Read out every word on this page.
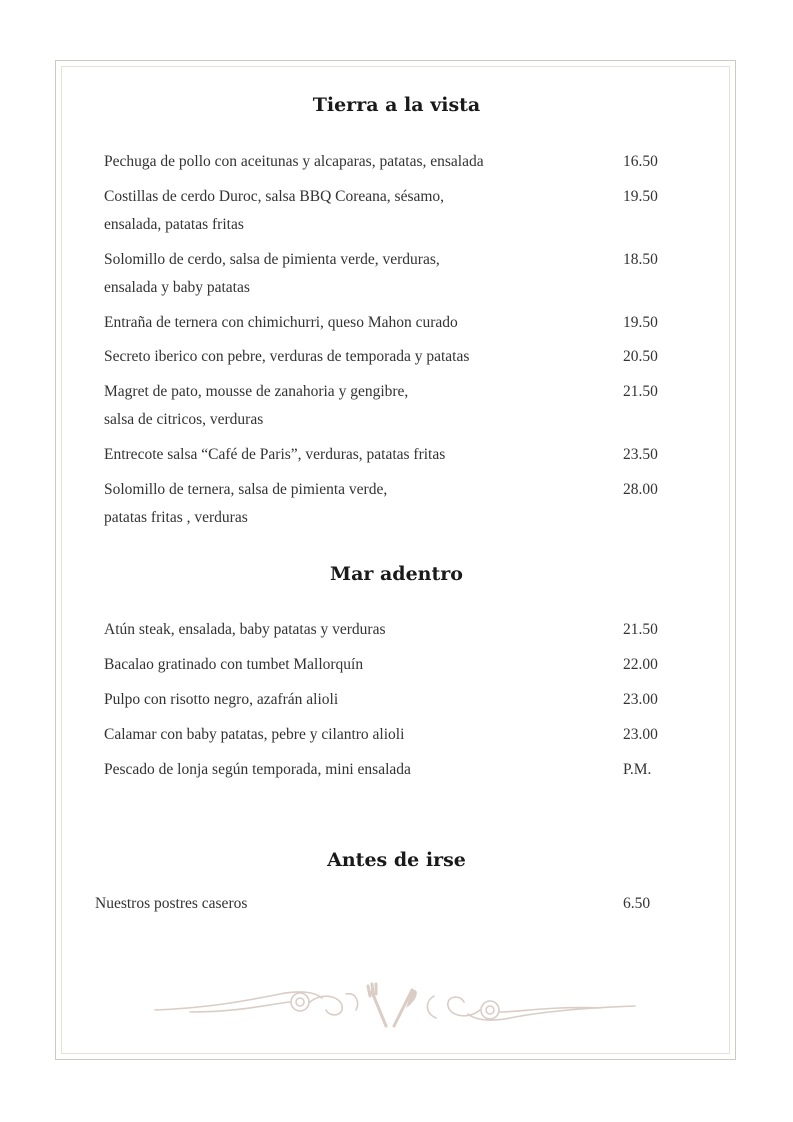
Tierra a la vista
Pechuga de pollo con aceitunas y alcaparas, patatas, ensalada	16.50
Costillas de cerdo Duroc, salsa BBQ Coreana, sésamo,
ensalada, patatas fritas
19.50
Solomillo de cerdo, salsa de pimienta verde, verduras,
ensalada y baby patatas
18.50
Entraña de ternera con chimichurri, queso Mahon curado	19.50
Secreto iberico con pebre, verduras de temporada y patatas	20.50
Magret de pato, mousse de zanahoria y gengibre,
salsa de citricos, verduras
21.50
Entrecote salsa “Café de Paris”, verduras, patatas fritas	23.50
Solomillo de ternera, salsa de pimienta verde,
patatas fritas , verduras
28.00
Mar adentro
Atún steak, ensalada, baby patatas y verduras	21.50
Bacalao gratinado con tumbet Mallorquín	22.00
Pulpo con risotto negro, azafrán alioli	23.00
Calamar con baby patatas, pebre y cilantro alioli	23.00
Pescado de lonja según temporada, mini ensalada	P.M.
Antes de irse
Nuestros postres caseros	6.50
